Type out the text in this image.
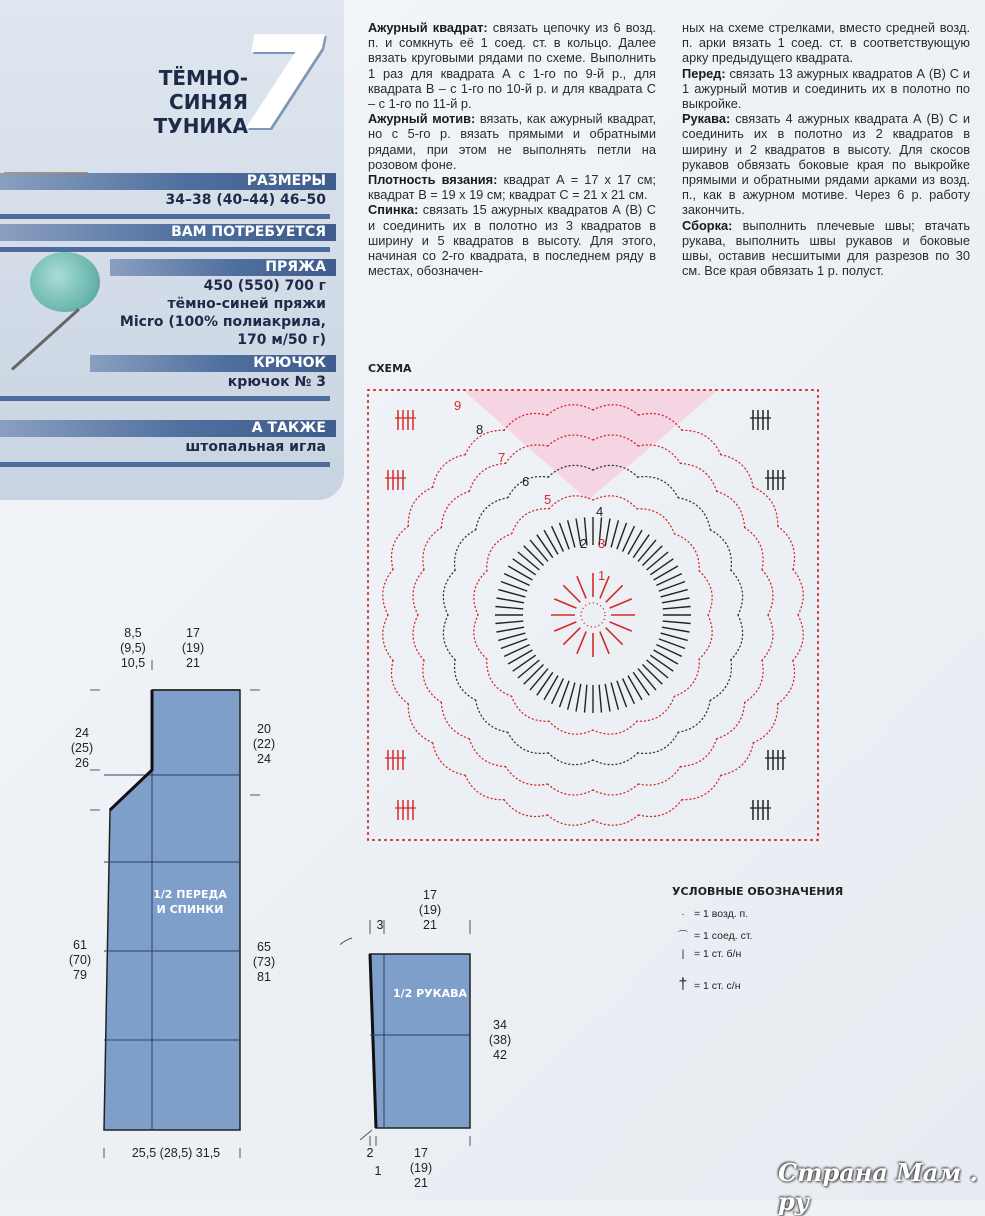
ТЁМНО-
СИНЯЯ
ТУНИКА
7
РАЗМЕРЫ
34–38 (40–44) 46–50
ВАМ ПОТРЕБУЕТСЯ
ПРЯЖА
450 (550) 700 г
тёмно-синей пряжи
Micro (100% полиакрила,
170 м/50 г)
КРЮЧОК
крючок № 3
А ТАКЖЕ
штопальная игла

Ажурный квадрат: связать цепочку из 6 возд. п. и сомкнуть её 1 соед. ст. в кольцо. Далее вязать круговыми рядами по схеме. Выполнить 1 раз для квадрата А с 1-го по 9-й р., для квадрата В – с 1-го по 10-й р. и для квадрата С – с 1-го по 11-й р.

Ажурный мотив: вязать, как ажурный квадрат, но с 5-го р. вязать прямыми и обратными рядами, при этом не выполнять петли на розовом фоне.

Плотность вязания: квадрат А = 17 х 17 см; квадрат В = 19 х 19 см; квадрат С = 21 х 21 см.

Спинка: связать 15 ажурных квадратов А (В) С и соединить их в полотно из 3 квадратов в ширину и 5 квадратов в высоту. Для этого, начиная со 2-го квадрата, в последнем ряду в местах, обозначен-

ных на схеме стрелками, вместо средней возд. п. арки вязать 1 соед. ст. в соответствующую арку предыдущего квадрата.

Перед: связать 13 ажурных квадратов А (В) С и 1 ажурный мотив и соединить их в полотно по выкройке.

Рукава: связать 4 ажурных квадрата А (В) С и соединить их в полотно из 2 квадратов в ширину и 2 квадратов в высоту. Для скосов рукавов обвязать боковые края по выкройке прямыми и обратными рядами арками из возд. п., как в ажурном мотиве. Через 6 р. работу закончить.

Сборка: выполнить плечевые швы; втачать рукава, выполнить швы рукавов и боковые швы, оставив несшитыми для разрезов по 30 см. Все края обвязать 1 р. полуст.

СХЕМА
1
2 3
4
5
6
7
8
9
8,5
(9,5)
10,5
17
(19)
21
24
(25)
26
61
(70)
79
20
(22)
24
65
(73)
81
1/2 ПЕРЕДА
И СПИНКИ
25,5 (28,5) 31,5
3
17
(19)
21
1/2 РУКАВА
34
(38)
42
2
1
17
(19)
21
УСЛОВНЫЕ ОБОЗНАЧЕНИЯ
· = 1 возд. п.
⌒ = 1 соед. ст.
| = 1 ст. б/н
† = 1 ст. с/н
Страна Мам . ру
